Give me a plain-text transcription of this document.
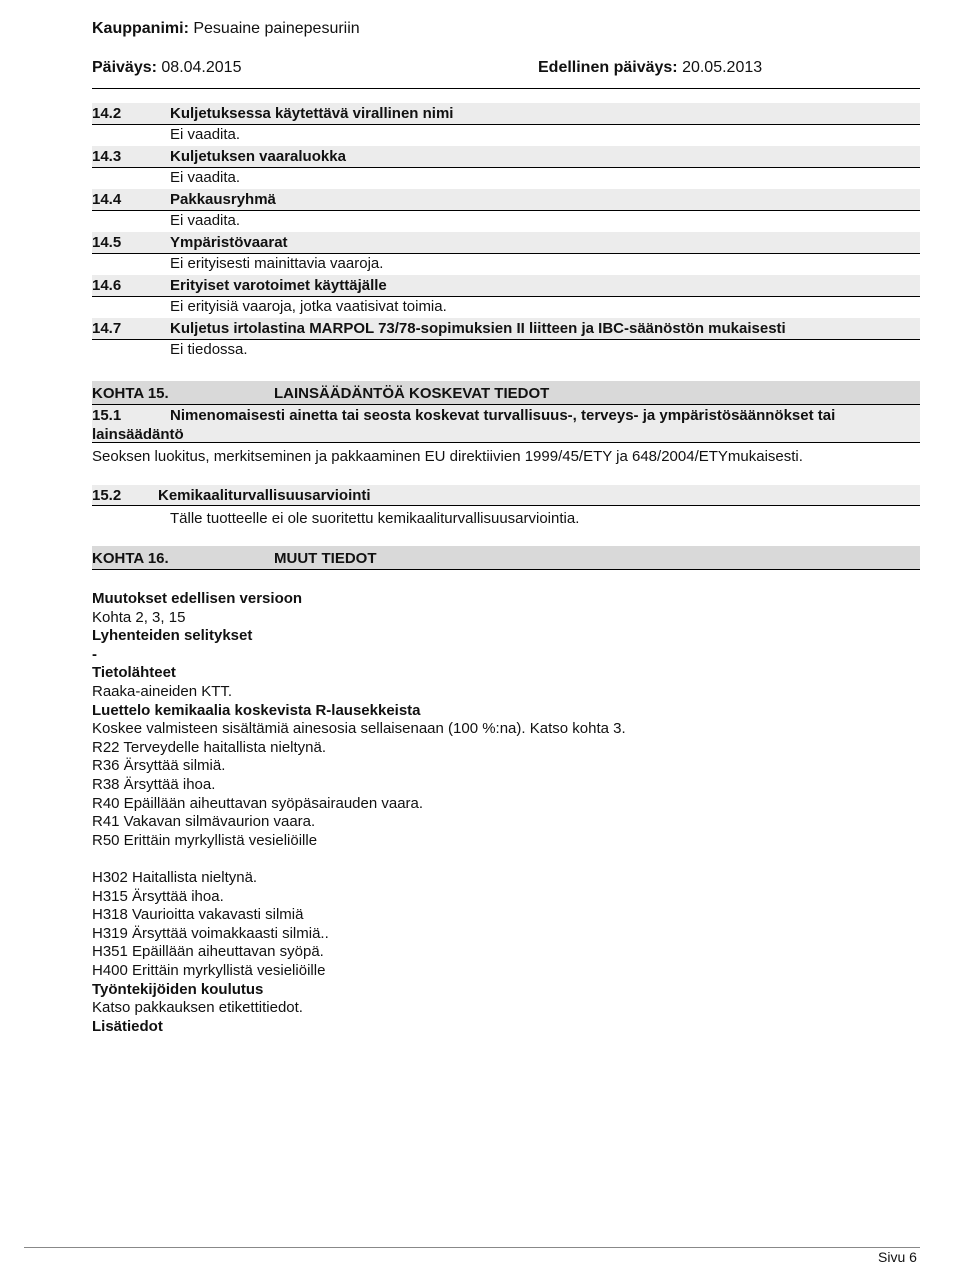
Kauppanimi: Pesuaine painepesuriin
Päiväys: 08.04.2015	Edellinen päiväys: 20.05.2013
14.2	Kuljetuksessa käytettävä virallinen nimi
Ei vaadita.
14.3	Kuljetuksen vaaraluokka
Ei vaadita.
14.4	Pakkausryhmä
Ei vaadita.
14.5	Ympäristövaarat
Ei erityisesti mainittavia vaaroja.
14.6	Erityiset varotoimet käyttäjälle
Ei erityisiä vaaroja, jotka vaatisivat toimia.
14.7	Kuljetus irtolastina MARPOL 73/78-sopimuksien II liitteen ja IBC-säänöstön mukaisesti
Ei tiedossa.
KOHTA 15.	LAINSÄÄDÄNTÖÄ KOSKEVAT TIEDOT
15.1	Nimenomaisesti ainetta tai seosta koskevat turvallisuus-, terveys- ja ympäristösäännökset tai
lainsäädäntö
Seoksen luokitus, merkitseminen ja pakkaaminen EU direktiivien 1999/45/ETY ja 648/2004/ETYmukaisesti.
15.2 Kemikaaliturvallisuusarviointi
Tälle tuotteelle ei ole suoritettu kemikaaliturvallisuusarviointia.
KOHTA 16.	MUUT TIEDOT
Muutokset edellisen versioon
Kohta 2, 3, 15
Lyhenteiden selitykset
-
Tietolähteet
Raaka-aineiden KTT.
Luettelo kemikaalia koskevista R-lausekkeista
Koskee valmisteen sisältämiä ainesosia sellaisenaan (100 %:na). Katso kohta 3.
R22 Terveydelle haitallista nieltynä.
R36 Ärsyttää silmiä.
R38 Ärsyttää ihoa.
R40 Epäillään aiheuttavan syöpäsairauden vaara.
R41 Vakavan silmävaurion vaara.
R50 Erittäin myrkyllistä vesieliöille
H302 Haitallista nieltynä.
H315 Ärsyttää ihoa.
H318 Vaurioitta vakavasti silmiä
H319 Ärsyttää voimakkaasti silmiä..
H351 Epäillään aiheuttavan syöpä.
H400 Erittäin myrkyllistä vesieliöille
Työntekijöiden koulutus
Katso pakkauksen etikettitiedot.
Lisätiedot
Sivu 6
